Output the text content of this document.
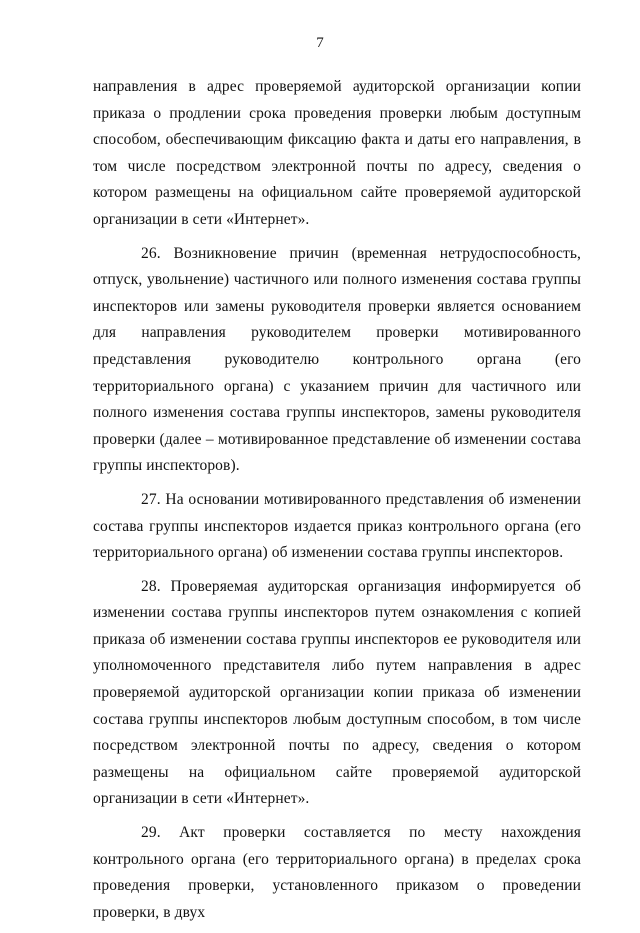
7

направления в адрес проверяемой аудиторской организации копии приказа о продлении срока проведения проверки любым доступным способом, обеспечивающим фиксацию факта и даты его направления, в том числе посредством электронной почты по адресу, сведения о котором размещены на официальном сайте проверяемой аудиторской организации в сети «Интернет».

26. Возникновение причин (временная нетрудоспособность, отпуск, увольнение) частичного или полного изменения состава группы инспекторов или замены руководителя проверки является основанием для направления руководителем проверки мотивированного представления руководителю контрольного органа (его территориального органа) с указанием причин для частичного или полного изменения состава группы инспекторов, замены руководителя проверки (далее – мотивированное представление об изменении состава группы инспекторов).

27. На основании мотивированного представления об изменении состава группы инспекторов издается приказ контрольного органа (его территориального органа) об изменении состава группы инспекторов.

28. Проверяемая аудиторская организация информируется об изменении состава группы инспекторов путем ознакомления с копией приказа об изменении состава группы инспекторов ее руководителя или уполномоченного представителя либо путем направления в адрес проверяемой аудиторской организации копии приказа об изменении состава группы инспекторов любым доступным способом, в том числе посредством электронной почты по адресу, сведения о котором размещены на официальном сайте проверяемой аудиторской организации в сети «Интернет».

29. Акт проверки составляется по месту нахождения контрольного органа (его территориального органа) в пределах срока проведения проверки, установленного приказом о проведении проверки, в двух
